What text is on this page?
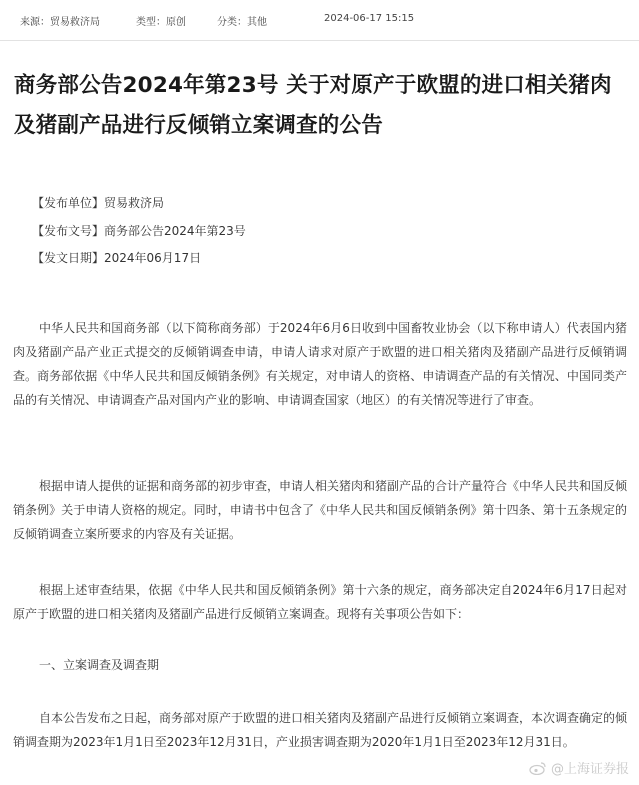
来源：贸易救济局	类型：原创	分类：其他	2024-06-17 15:15
商务部公告2024年第23号 关于对原产于欧盟的进口相关猪肉及猪副产品进行反倾销立案调查的公告
【发布单位】贸易救济局
【发布文号】商务部公告2024年第23号
【发文日期】2024年06月17日

中华人民共和国商务部（以下简称商务部）于2024年6月6日收到中国畜牧业协会（以下称申请人）代表国内猪肉及猪副产品产业正式提交的反倾销调查申请，申请人请求对原产于欧盟的进口相关猪肉及猪副产品进行反倾销调查。商务部依据《中华人民共和国反倾销条例》有关规定，对申请人的资格、申请调查产品的有关情况、中国同类产品的有关情况、申请调查产品对国内产业的影响、申请调查国家（地区）的有关情况等进行了审查。

根据申请人提供的证据和商务部的初步审查，申请人相关猪肉和猪副产品的合计产量符合《中华人民共和国反倾销条例》关于申请人资格的规定。同时，申请书中包含了《中华人民共和国反倾销条例》第十四条、第十五条规定的反倾销调查立案所要求的内容及有关证据。

根据上述审查结果，依据《中华人民共和国反倾销条例》第十六条的规定，商务部决定自2024年6月17日起对原产于欧盟的进口相关猪肉及猪副产品进行反倾销立案调查。现将有关事项公告如下：

一、立案调查及调查期

自本公告发布之日起，商务部对原产于欧盟的进口相关猪肉及猪副产品进行反倾销立案调查，本次调查确定的倾销调查期为2023年1月1日至2023年12月31日，产业损害调查期为2020年1月1日至2023年12月31日。

@上海证券报
